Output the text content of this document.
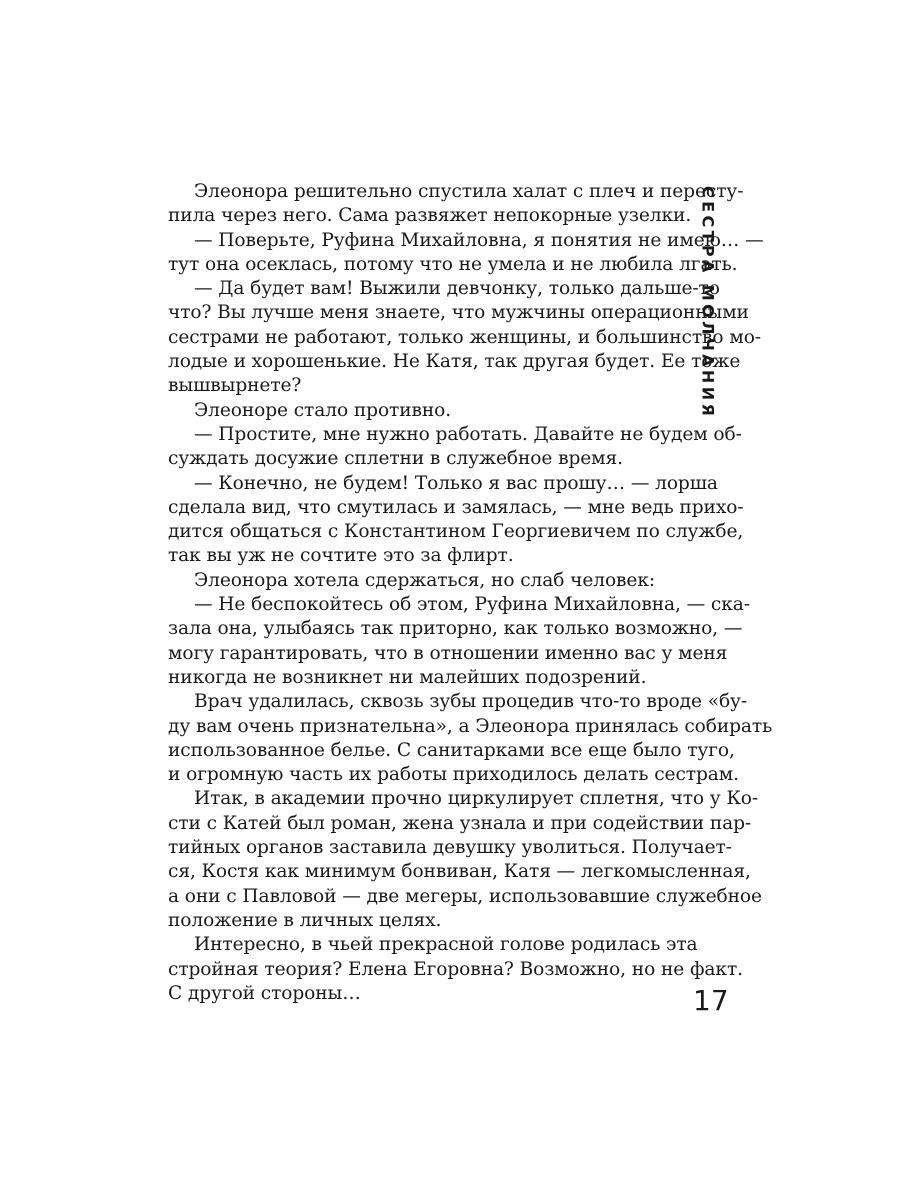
Элеонора решительно спустила халат с плеч и пересту-
пила через него. Сама развяжет непокорные узелки.
— Поверьте, Руфина Михайловна, я понятия не имею… —
тут она осеклась, потому что не умела и не любила лгать.
— Да будет вам! Выжили девчонку, только дальше-то
что? Вы лучше меня знаете, что мужчины операционными
сестрами не работают, только женщины, и большинство мо-
лодые и хорошенькие. Не Катя, так другая будет. Ее тоже
вышвырнете?
Элеоноре стало противно.
— Простите, мне нужно работать. Давайте не будем об-
суждать досужие сплетни в служебное время.
— Конечно, не будем! Только я вас прошу… — лорша
сделала вид, что смутилась и замялась, — мне ведь прихо-
дится общаться с Константином Георгиевичем по службе,
так вы уж не сочтите это за флирт.
Элеонора хотела сдержаться, но слаб человек:
— Не беспокойтесь об этом, Руфина Михайловна, — ска-
зала она, улыбаясь так приторно, как только возможно, —
могу гарантировать, что в отношении именно вас у меня
никогда не возникнет ни малейших подозрений.
Врач удалилась, сквозь зубы процедив что-то вроде «бу-
ду вам очень признательна», а Элеонора принялась собирать
использованное белье. С санитарками все еще было туго,
и огромную часть их работы приходилось делать сестрам.
Итак, в академии прочно циркулирует сплетня, что у Ко-
сти с Катей был роман, жена узнала и при содействии пар-
тийных органов заставила девушку уволиться. Получает-
ся, Костя как минимум бонвиван, Катя — легкомысленная,
а они с Павловой — две мегеры, использовавшие служебное
положение в личных целях.
Интересно, в чьей прекрасной голове родилась эта
стройная теория? Елена Егоровна? Возможно, но не факт.
С другой стороны…
СЕСТРА МОЛЧАНИЯ
17
